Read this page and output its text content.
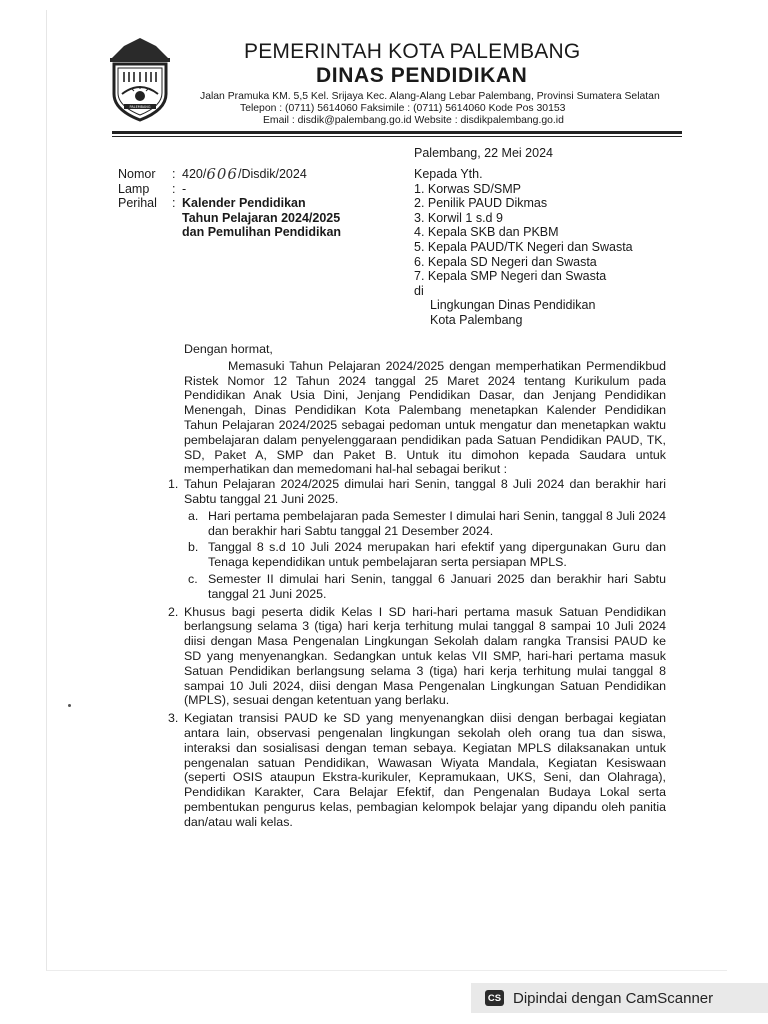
PALEMBANG
PEMERINTAH KOTA PALEMBANG
DINAS PENDIDIKAN
Jalan Pramuka KM. 5,5 Kel. Srijaya Kec. Alang-Alang Lebar Palembang, Provinsi Sumatera Selatan
Telepon : (0711) 5614060 Faksimile : (0711) 5614060 Kode Pos 30153
Email : disdik@palembang.go.id Website : disdikpalembang.go.id
Palembang, 22 Mei 2024
Nomor	: 420/ 606 /Disdik/2024
Lamp	: -
Perihal	: Kalender Pendidikan
Tahun Pelajaran 2024/2025
dan Pemulihan Pendidikan
Kepada Yth.
1. Korwas SD/SMP
2. Penilik PAUD Dikmas
3. Korwil 1 s.d 9
4. Kepala SKB dan PKBM
5. Kepala PAUD/TK Negeri dan Swasta
6. Kepala SD Negeri dan Swasta
7. Kepala SMP Negeri dan Swasta
di
Lingkungan Dinas Pendidikan
Kota Palembang
Dengan hormat,

Memasuki Tahun Pelajaran 2024/2025 dengan memperhatikan Permendikbud Ristek Nomor 12 Tahun 2024 tanggal 25 Maret 2024 tentang Kurikulum pada Pendidikan Anak Usia Dini, Jenjang Pendidikan Dasar, dan Jenjang Pendidikan Menengah, Dinas Pendidikan Kota Palembang menetapkan Kalender Pendidikan Tahun Pelajaran 2024/2025 sebagai pedoman untuk mengatur dan menetapkan waktu pembelajaran dalam penyelenggaraan pendidikan pada Satuan Pendidikan PAUD, TK, SD, Paket A, SMP dan Paket B. Untuk itu dimohon kepada Saudara untuk memperhatikan dan memedomani hal-hal sebagai berikut :

1. Tahun Pelajaran 2024/2025 dimulai hari Senin, tanggal 8 Juli 2024 dan berakhir hari Sabtu tanggal 21 Juni 2025.
a. Hari pertama pembelajaran pada Semester I dimulai hari Senin, tanggal 8 Juli 2024 dan berakhir hari Sabtu tanggal 21 Desember 2024.
b. Tanggal 8 s.d 10 Juli 2024 merupakan hari efektif yang dipergunakan Guru dan Tenaga kependidikan untuk pembelajaran serta persiapan MPLS.
c. Semester II dimulai hari Senin, tanggal 6 Januari 2025 dan berakhir hari Sabtu tanggal 21 Juni 2025.
2. Khusus bagi peserta didik Kelas I SD hari-hari pertama masuk Satuan Pendidikan berlangsung selama 3 (tiga) hari kerja terhitung mulai tanggal 8 sampai 10 Juli 2024 diisi dengan Masa Pengenalan Lingkungan Sekolah dalam rangka Transisi PAUD ke SD yang menyenangkan. Sedangkan untuk kelas VII SMP, hari-hari pertama masuk Satuan Pendidikan berlangsung selama 3 (tiga) hari kerja terhitung mulai tanggal 8 sampai 10 Juli 2024, diisi dengan Masa Pengenalan Lingkungan Satuan Pendidikan (MPLS), sesuai dengan ketentuan yang berlaku.
3. Kegiatan transisi PAUD ke SD yang menyenangkan diisi dengan berbagai kegiatan antara lain, observasi pengenalan lingkungan sekolah oleh orang tua dan siswa, interaksi dan sosialisasi dengan teman sebaya. Kegiatan MPLS dilaksanakan untuk pengenalan satuan Pendidikan, Wawasan Wiyata Mandala, Kegiatan Kesiswaan (seperti OSIS ataupun Ekstra-kurikuler, Kepramukaan, UKS, Seni, dan Olahraga), Pendidikan Karakter, Cara Belajar Efektif, dan Pengenalan Budaya Lokal serta pembentukan pengurus kelas, pembagian kelompok belajar yang dipandu oleh panitia dan/atau wali kelas.
CS Dipindai dengan CamScanner
